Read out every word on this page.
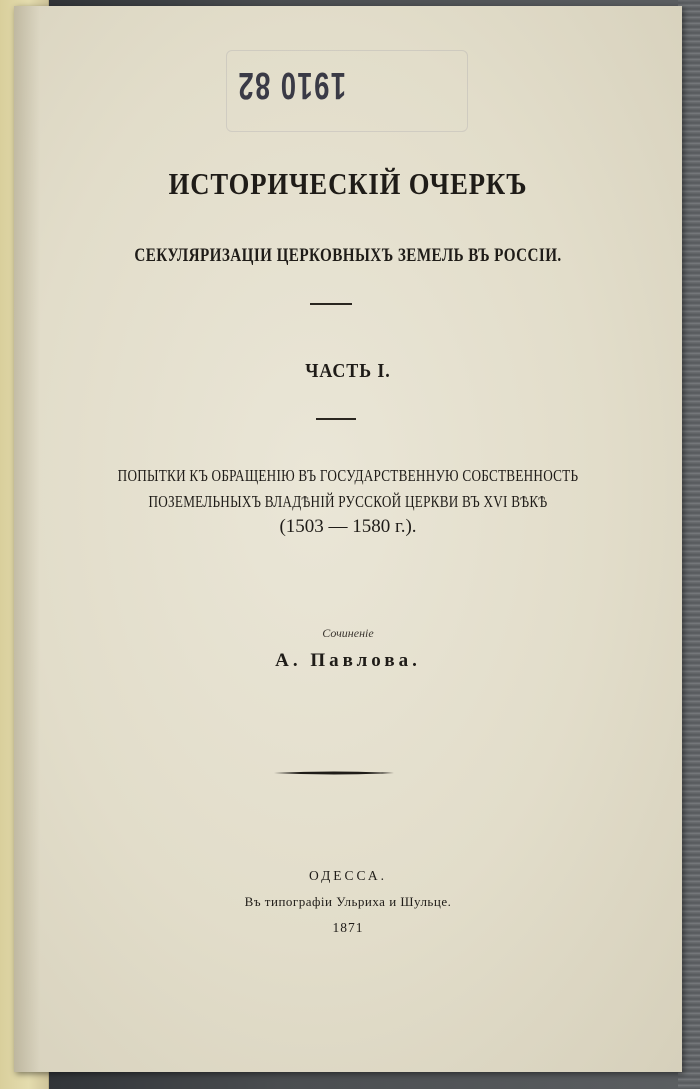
1910 82
ИСТОРИЧЕСКІЙ ОЧЕРКЪ
СЕКУЛЯРИЗАЦІИ ЦЕРКОВНЫХЪ ЗЕМЕЛЬ ВЪ РОССІИ.
ЧАСТЬ I.
ПОПЫТКИ КЪ ОБРАЩЕНІЮ ВЪ ГОСУДАРСТВЕННУЮ СОБСТВЕННОСТЬ
ПОЗЕМЕЛЬНЫХЪ ВЛАДѢНІЙ РУССКОЙ ЦЕРКВИ ВЪ XVI ВѢКѢ
(1503 — 1580 г.).
Сочиненіе
А. Павлова.
ОДЕССА.
Въ типографіи Ульриха и Шульце.
1871
